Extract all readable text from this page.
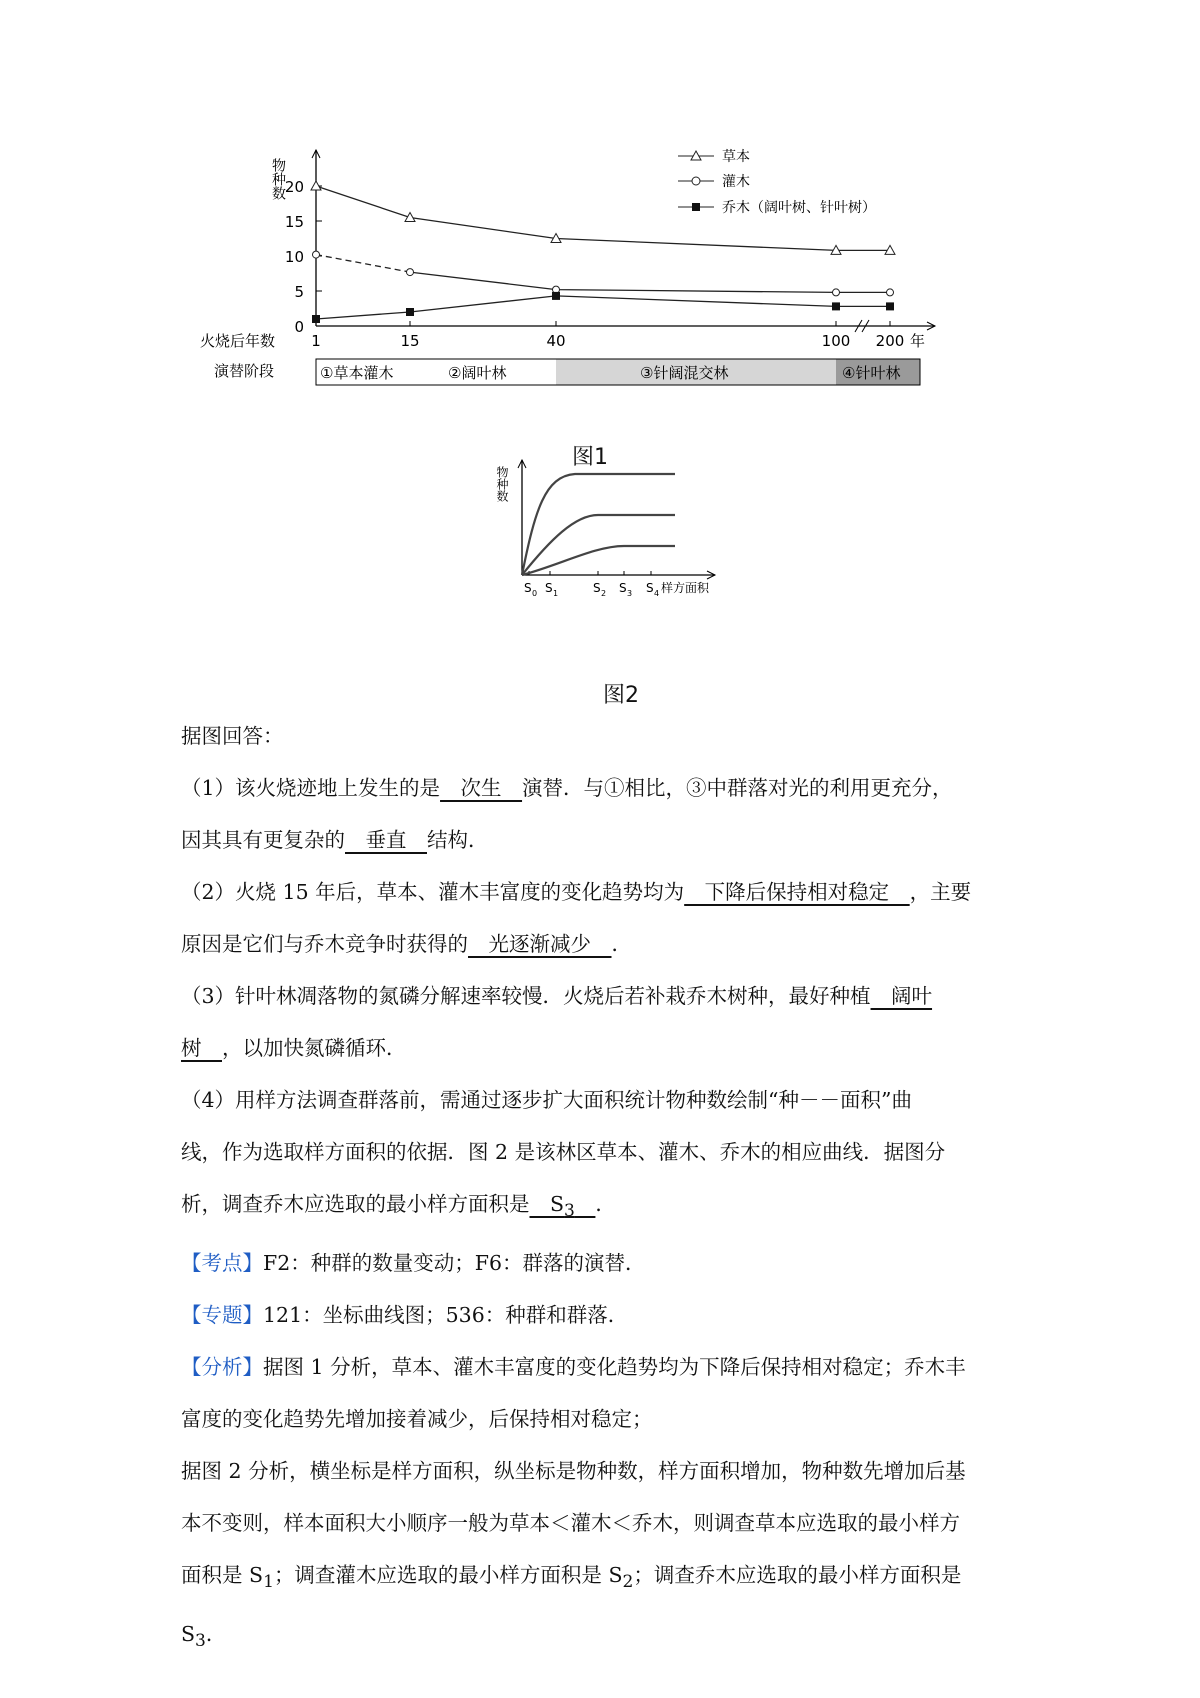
0
5
10
15
20
物种数
1	15	40	100 200 年
火烧后年数
演替阶段
草本
灌木
乔木（阔叶树、针叶树）
①草本灌木	②阔叶林	③针阔混交林	④针叶林
图1
物种数
S 0 S 1	S 2 S 3 S 4 样方面积
图2

据图回答：

（1）该火烧迹地上发生的是　次生　演替．与①相比，③中群落对光的利用更充分，

因其具有更复杂的　垂直　结构．

（2）火烧 15 年后，草本、灌木丰富度的变化趋势均为　下降后保持相对稳定　，主要

原因是它们与乔木竞争时获得的　光逐渐减少　．

（3）针叶林凋落物的氮磷分解速率较慢．火烧后若补栽乔木树种，最好种植　阔叶

树　，以加快氮磷循环．

（4）用样方法调查群落前，需通过逐步扩大面积统计物种数绘制“种－－面积”曲

线，作为选取样方面积的依据．图 2 是该林区草本、灌木、乔木的相应曲线．据图分

析，调查乔木应选取的最小样方面积是　$S_3$　 ．

【考点】F2：种群的数量变动；F6：群落的演替．

【专题】121：坐标曲线图；536：种群和群落．

【分析】据图 1 分析，草本、灌木丰富度的变化趋势均为下降后保持相对稳定；乔木丰

富度的变化趋势先增加接着减少，后保持相对稳定；

据图 2 分析，横坐标是样方面积，纵坐标是物种数，样方面积增加，物种数先增加后基

本不变则，样本面积大小顺序一般为草本＜灌木＜乔木，则调查草本应选取的最小样方

面积是 $S_1$；调查灌木应选取的最小样方面积是 $S_2$；调查乔木应选取的最小样方面积是

$S_3$．
